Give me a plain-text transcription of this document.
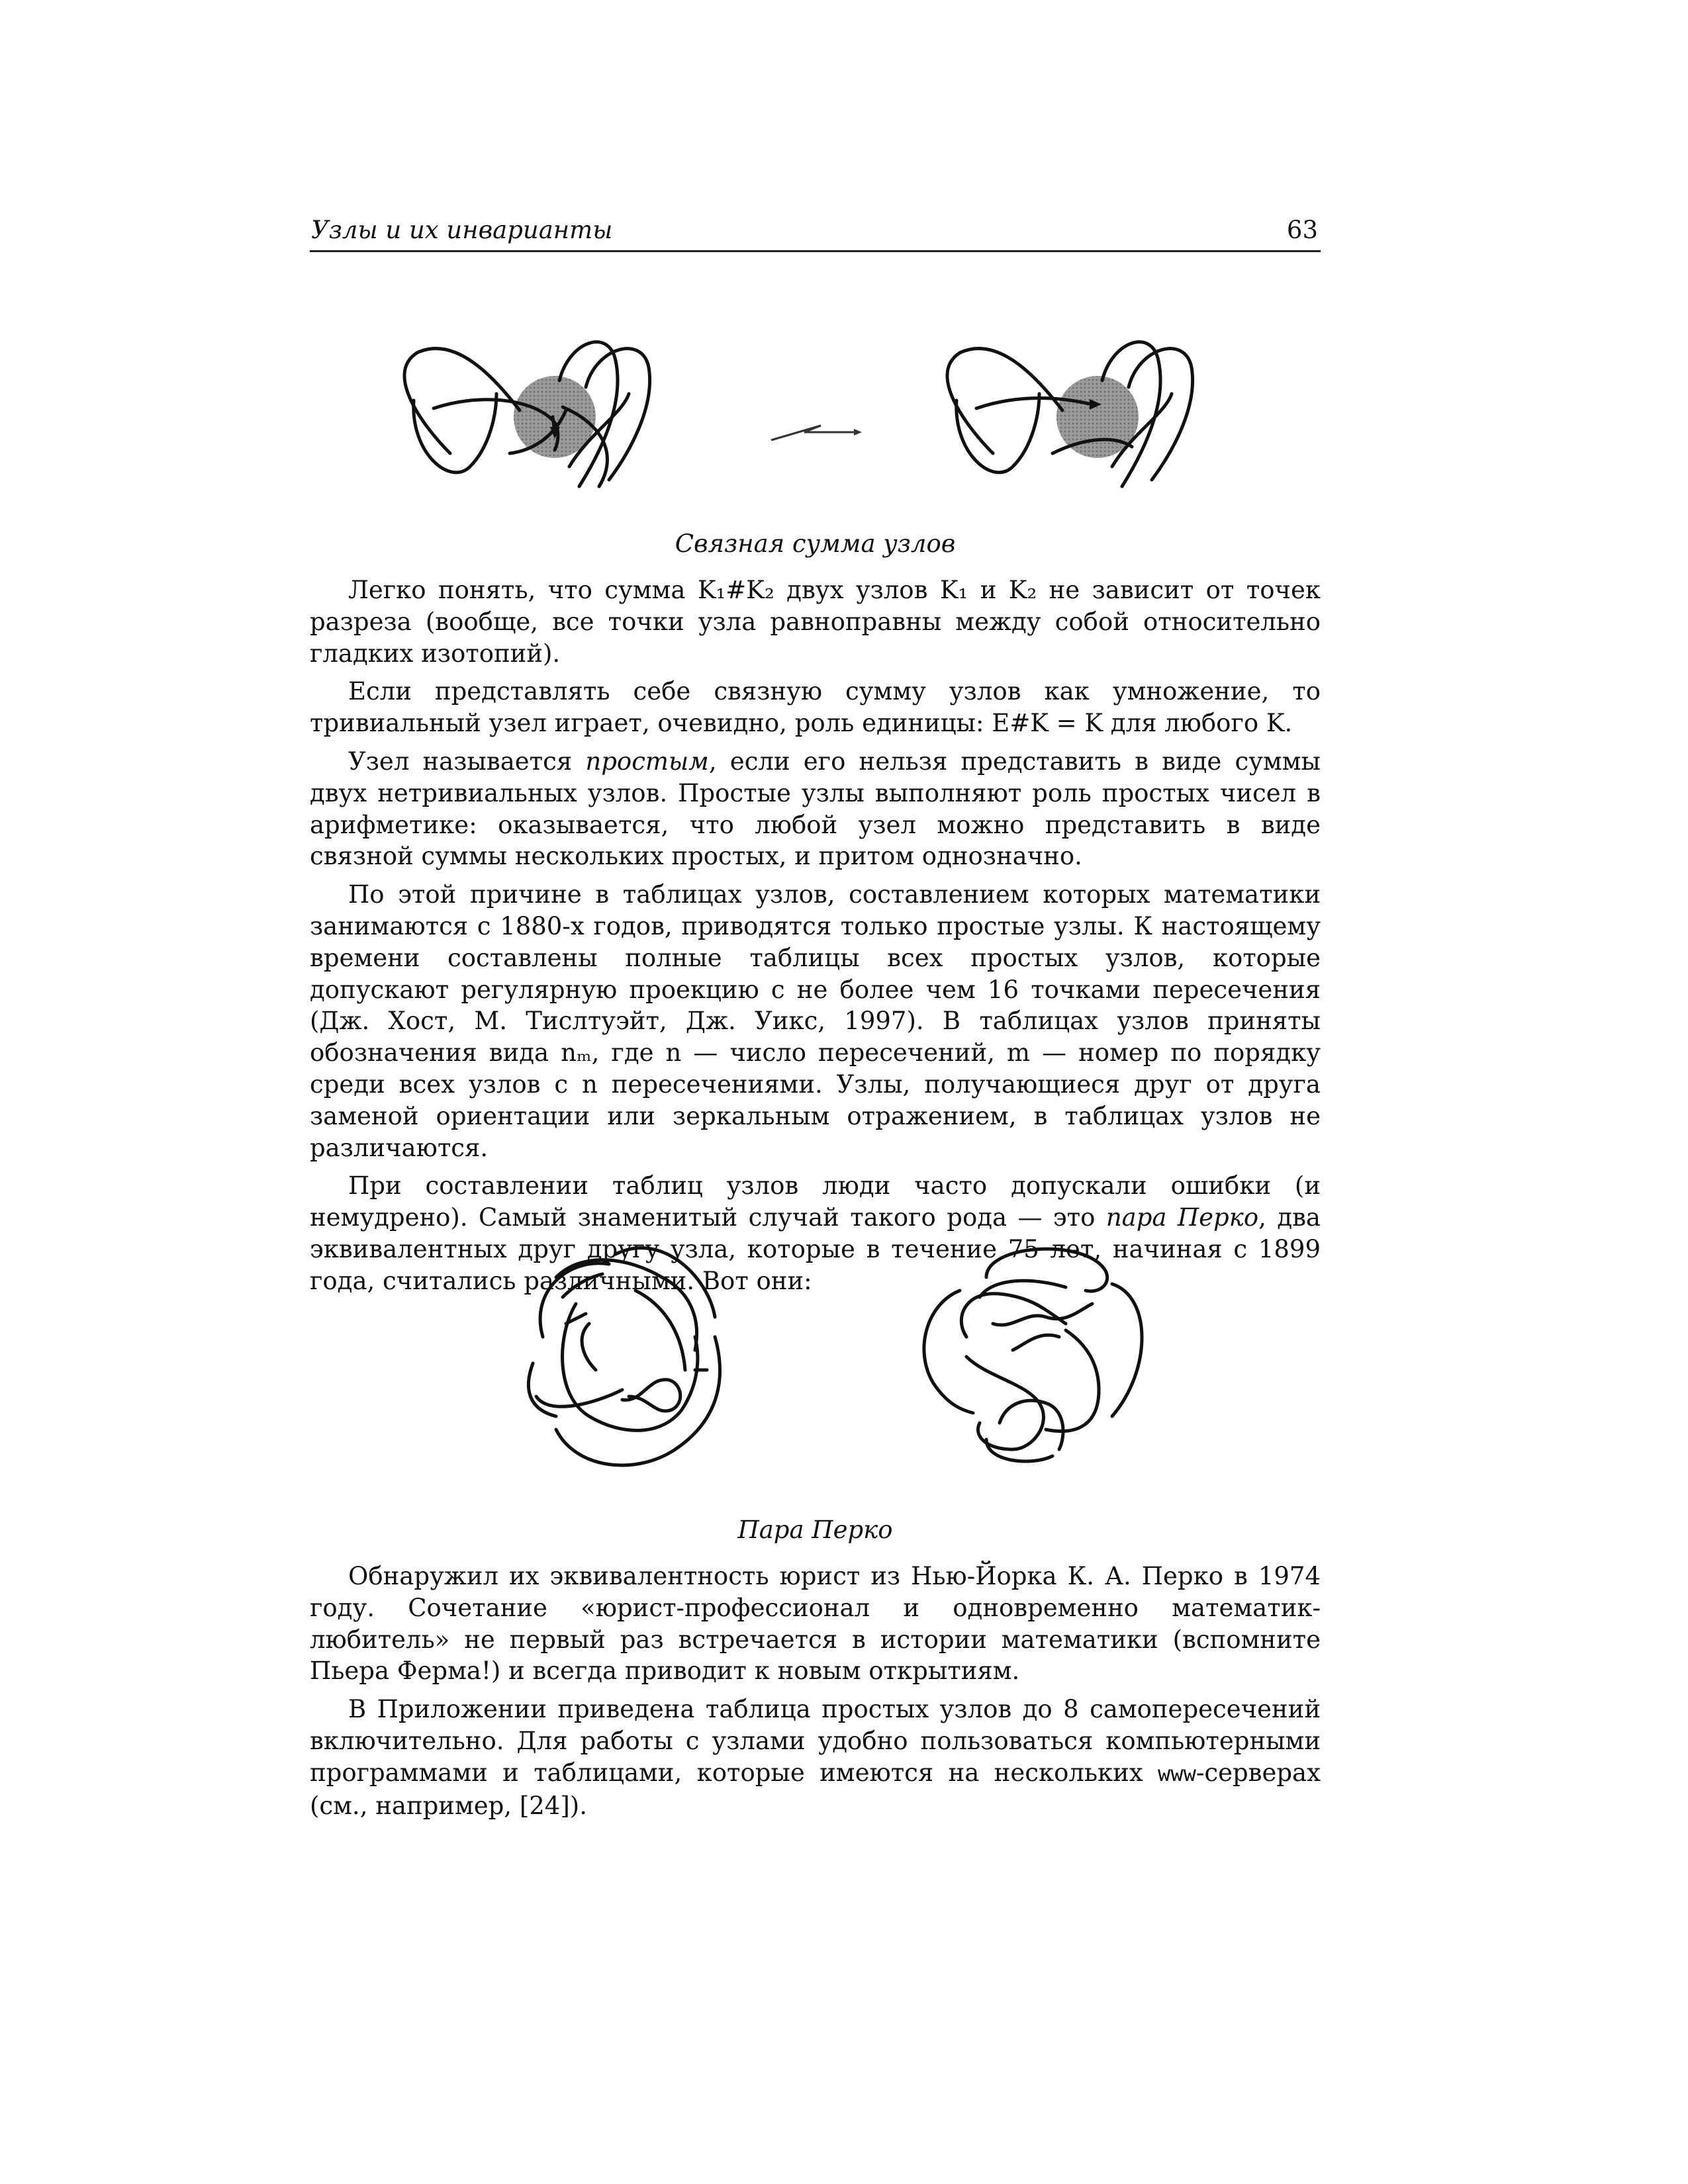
Узлы и их инварианты	63
Связная сумма узлов

Легко понять, что сумма K₁#K₂ двух узлов K₁ и K₂ не зависит от точек разреза (вообще, все точки узла равноправны между собой относительно гладких изотопий).

Если представлять себе связную сумму узлов как умножение, то тривиальный узел играет, очевидно, роль единицы: E#K = K для любого K.

Узел называется простым, если его нельзя представить в виде суммы двух нетривиальных узлов. Простые узлы выполняют роль простых чисел в арифметике: оказывается, что любой узел можно представить в виде связной суммы нескольких простых, и притом однозначно.

По этой причине в таблицах узлов, составлением которых математики занимаются с 1880-х годов, приводятся только простые узлы. К настоящему времени составлены полные таблицы всех простых узлов, которые допускают регулярную проекцию с не более чем 16 точками пересечения (Дж. Хост, М. Тислтуэйт, Дж. Уикс, 1997). В таблицах узлов приняты обозначения вида nₘ, где n — число пересечений, m — номер по порядку среди всех узлов с n пересечениями. Узлы, получающиеся друг от друга заменой ориентации или зеркальным отражением, в таблицах узлов не различаются.

При составлении таблиц узлов люди часто допускали ошибки (и немудрено). Самый знаменитый случай такого рода — это пара Перко, два эквивалентных друг другу узла, которые в течение 75 лет, начиная с 1899 года, считались различными. Вот они:

Пара Перко

Обнаружил их эквивалентность юрист из Нью-Йорка К. А. Перко в 1974 году. Сочетание «юрист-профессионал и одновременно математик-любитель» не первый раз встречается в истории математики (вспомните Пьера Ферма!) и всегда приводит к новым открытиям.

В Приложении приведена таблица простых узлов до 8 самопересечений включительно. Для работы с узлами удобно пользоваться компьютерными программами и таблицами, которые имеются на нескольких www-серверах (см., например, [24]).
